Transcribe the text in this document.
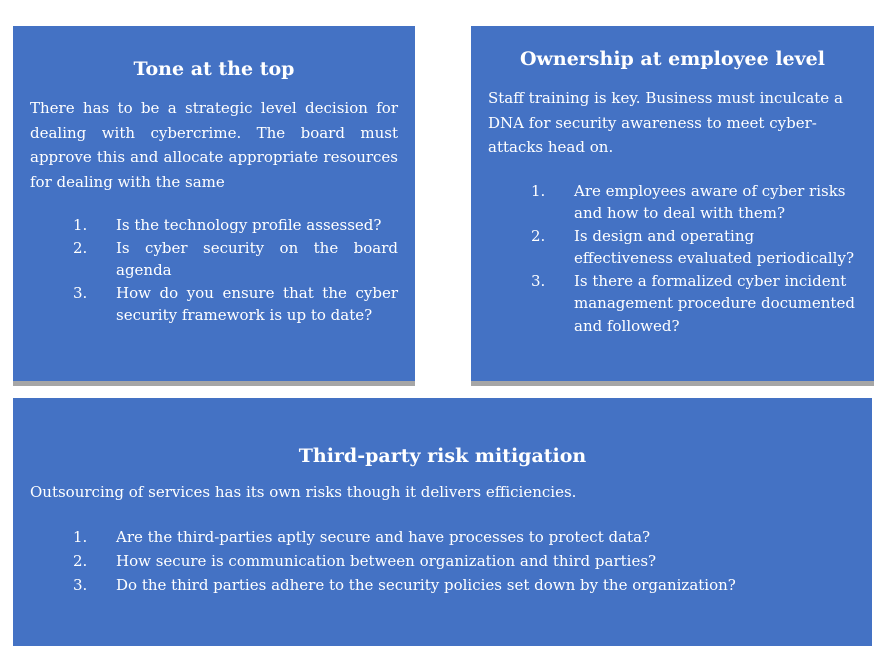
Tone at the top

There has to be a strategic level decision for dealing with cybercrime. The board must approve this and allocate appropriate resources for dealing with the same

1. Is the technology profile assessed?
2. Is cyber security on the board agenda
3. How do you ensure that the cyber security framework is up to date?
Ownership at employee level

Staff training is key. Business must inculcate a DNA for security awareness to meet cyber-attacks head on.

1. Are employees aware of cyber risks and how to deal with them?
2. Is design and operating effectiveness evaluated periodically?
3. Is there a formalized cyber incident management procedure documented and followed?
Third-party risk mitigation

Outsourcing of services has its own risks though it delivers efficiencies.

1. Are the third-parties aptly secure and have processes to protect data?
2. How secure is communication between organization and third parties?
3. Do the third parties adhere to the security policies set down by the organization?
